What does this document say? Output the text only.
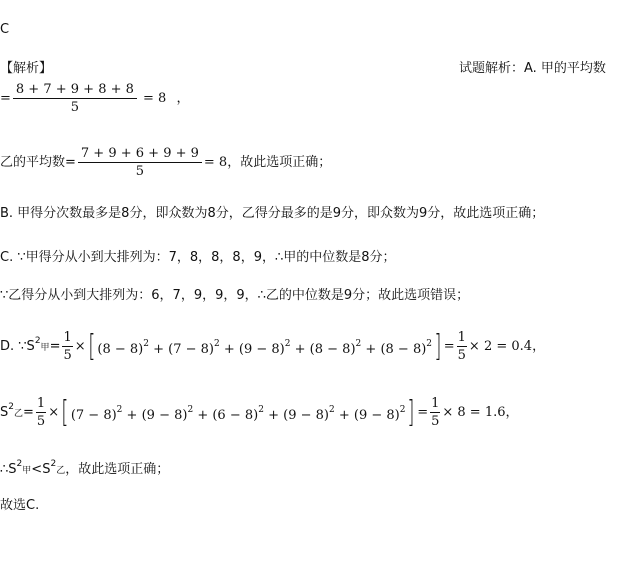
C
【解析】	试题解析：A. 甲的平均数
= $\frac{8 + 7 + 9 + 8 + 8}{5} = 8$ ，
乙的平均数= $\frac{7 + 9 + 6 + 9 + 9}{5} = 8$，故此选项正确；
B. 甲得分次数最多是8分，即众数为8分，乙得分最多的是9分，即众数为9分，故此选项正确；
C. ∵甲得分从小到大排列为：7，8，8，8，9，∴甲的中位数是8分；
∵乙得分从小到大排列为：6，7，9，9，9，∴乙的中位数是9分；故此选项错误；
D. $\because S^2$甲= $\frac{1}{5}$ ×[ $(8 - 8)^2 + (7 - 8)^2 + (9 - 8)^2 + (8 - 8)^2 + (8 - 8)^2] = \frac{1}{5} \times 2 = 0.4$，
$S^2$乙= $\frac{1}{5}$ ×[ $(7 - 8)^2 + (9 - 8)^2 + (6 - 8)^2 + (9 - 8)^2 + (9 - 8)^2] = \frac{1}{5} \times 8 = 1.6$，
$\therefore S^2$甲$<S^2$乙，故此选项正确；
故选C.
